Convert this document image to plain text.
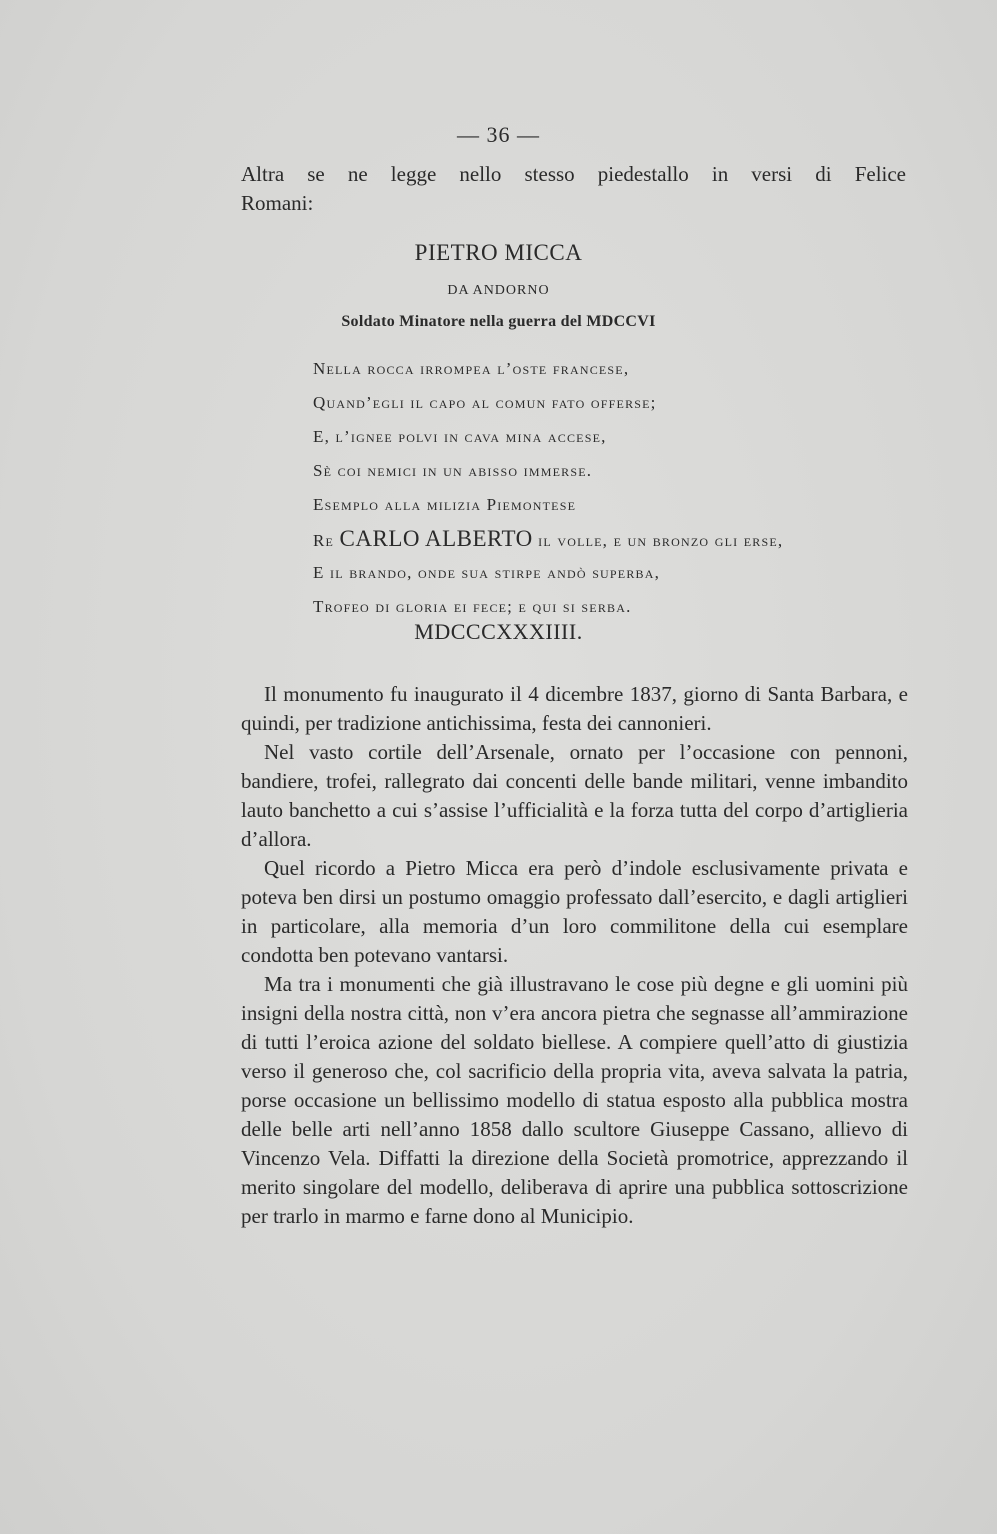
— 36 —
Altra se ne legge nello stesso piedestallo in versi di Felice
Romani:
PIETRO MICCA
DA ANDORNO
Soldato Minatore nella guerra del MDCCVI
Nella rocca irrompea l’oste francese,
Quand’egli il capo al comun fato offerse;
E, l’ignee polvi in cava mina accese,
Sè coi nemici in un abisso immerse.
Esemplo alla milizia Piemontese
Re CARLO ALBERTO il volle, e un bronzo gli erse,
E il brando, onde sua stirpe andò superba,
Trofeo di gloria ei fece; e qui si serba.
MDCCCXXXIIII.

Il monumento fu inaugurato il 4 dicembre 1837, giorno di Santa Barbara, e quindi, per tradizione antichissima, festa dei cannonieri.

Nel vasto cortile dell’Arsenale, ornato per l’occasione con pennoni, bandiere, trofei, rallegrato dai concenti delle bande militari, venne imbandito lauto banchetto a cui s’assise l’ufficialità e la forza tutta del corpo d’artiglieria d’allora.

Quel ricordo a Pietro Micca era però d’indole esclusivamente privata e poteva ben dirsi un postumo omaggio professato dall’esercito, e dagli artiglieri in particolare, alla memoria d’un loro commilitone della cui esemplare condotta ben potevano vantarsi.

Ma tra i monumenti che già illustravano le cose più degne e gli uomini più insigni della nostra città, non v’era ancora pietra che segnasse all’ammirazione di tutti l’eroica azione del soldato biellese. A compiere quell’atto di giustizia verso il generoso che, col sacrificio della propria vita, aveva salvata la patria, porse occasione un bellissimo modello di statua esposto alla pubblica mostra delle belle arti nell’anno 1858 dallo scultore Giuseppe Cassano, allievo di Vincenzo Vela. Diffatti la direzione della Società promotrice, apprezzando il merito singolare del modello, deliberava di aprire una pubblica sottoscrizione per trarlo in marmo e farne dono al Municipio.
